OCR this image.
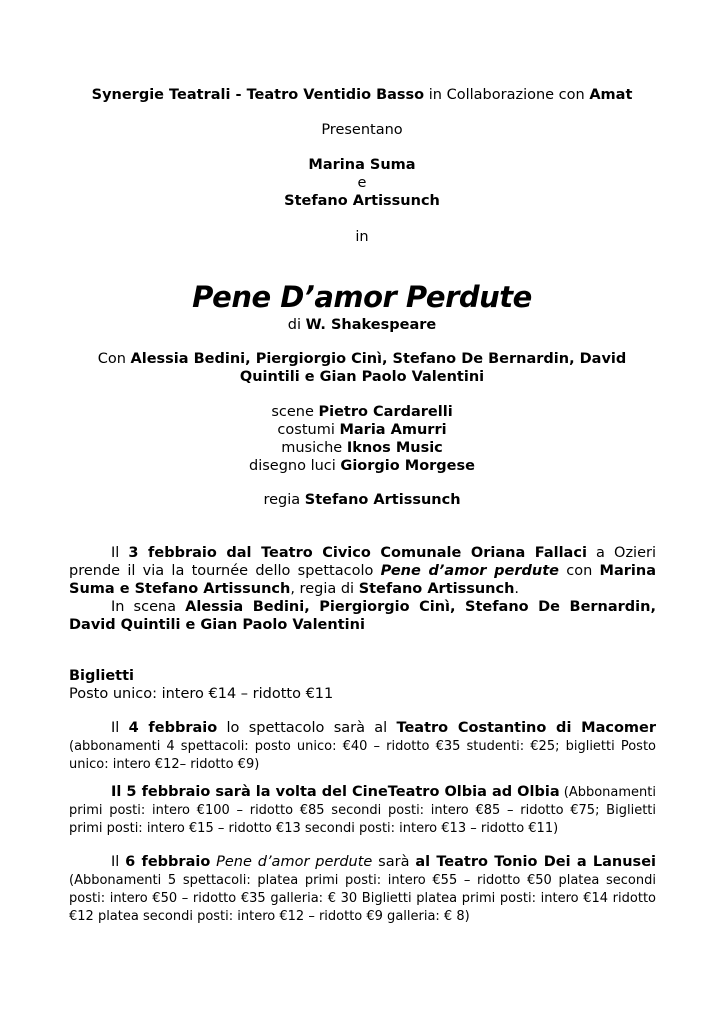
Synergie Teatrali - Teatro Ventidio Basso in Collaborazione con Amat
Presentano
Marina Suma
e
Stefano Artissunch
in
Pene D’amor Perdute
di W. Shakespeare
Con Alessia Bedini, Piergiorgio Cinì, Stefano De Bernardin, David
Quintili e Gian Paolo Valentini
scene Pietro Cardarelli
costumi Maria Amurri
musiche Iknos Music
disegno luci Giorgio Morgese
regia Stefano Artissunch

Il 3 febbraio dal Teatro Civico Comunale Oriana Fallaci a Ozieri prende il via la tournée dello spettacolo Pene d’amor perdute con Marina Suma e Stefano Artissunch, regia di Stefano Artissunch.

In scena Alessia Bedini, Piergiorgio Cinì, Stefano De Bernardin, David Quintili e Gian Paolo Valentini

Biglietti

Posto unico: intero €14 – ridotto €11

Il 4 febbraio lo spettacolo sarà al Teatro Costantino di Macomer (abbonamenti 4 spettacoli: posto unico: €40 – ridotto €35 studenti: €25; biglietti Posto unico: intero €12– ridotto €9)

Il 5 febbraio sarà la volta del CineTeatro Olbia ad Olbia (Abbonamenti primi posti: intero €100 – ridotto €85 secondi posti: intero €85 – ridotto €75; Biglietti primi posti: intero €15 – ridotto €13 secondi posti: intero €13 – ridotto €11)

Il 6 febbraio Pene d’amor perdute sarà al Teatro Tonio Dei a Lanusei (Abbonamenti 5 spettacoli: platea primi posti: intero €55 – ridotto €50 platea secondi posti: intero €50 – ridotto €35 galleria: € 30 Biglietti platea primi posti: intero €14 ridotto €12 platea secondi posti: intero €12 – ridotto €9 galleria: € 8)
